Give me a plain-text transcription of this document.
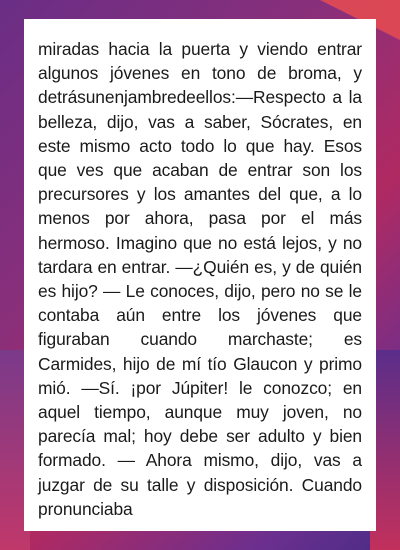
miradas hacia la puerta y viendo entrar algunos jóvenes en tono de broma, y detrásunenjambredeellos:—Respecto a la belleza, dijo, vas a saber, Sócrates, en este mismo acto todo lo que hay. Esos que ves que acaban de entrar son los precursores y los amantes del que, a lo menos por ahora, pasa por el más hermoso. Imagino que no está lejos, y no tardara en entrar. —¿Quién es, y de quién es hijo? — Le conoces, dijo, pero no se le contaba aún entre los jóvenes que figuraban cuando marchaste; es Carmides, hijo de mí tío Glaucon y primo mió. —Sí. ¡por Júpiter! le conozco; en aquel tiempo, aunque muy joven, no parecía mal; hoy debe ser adulto y bien formado. — Ahora mismo, dijo, vas a juzgar de su talle y disposición. Cuando pronunciaba
